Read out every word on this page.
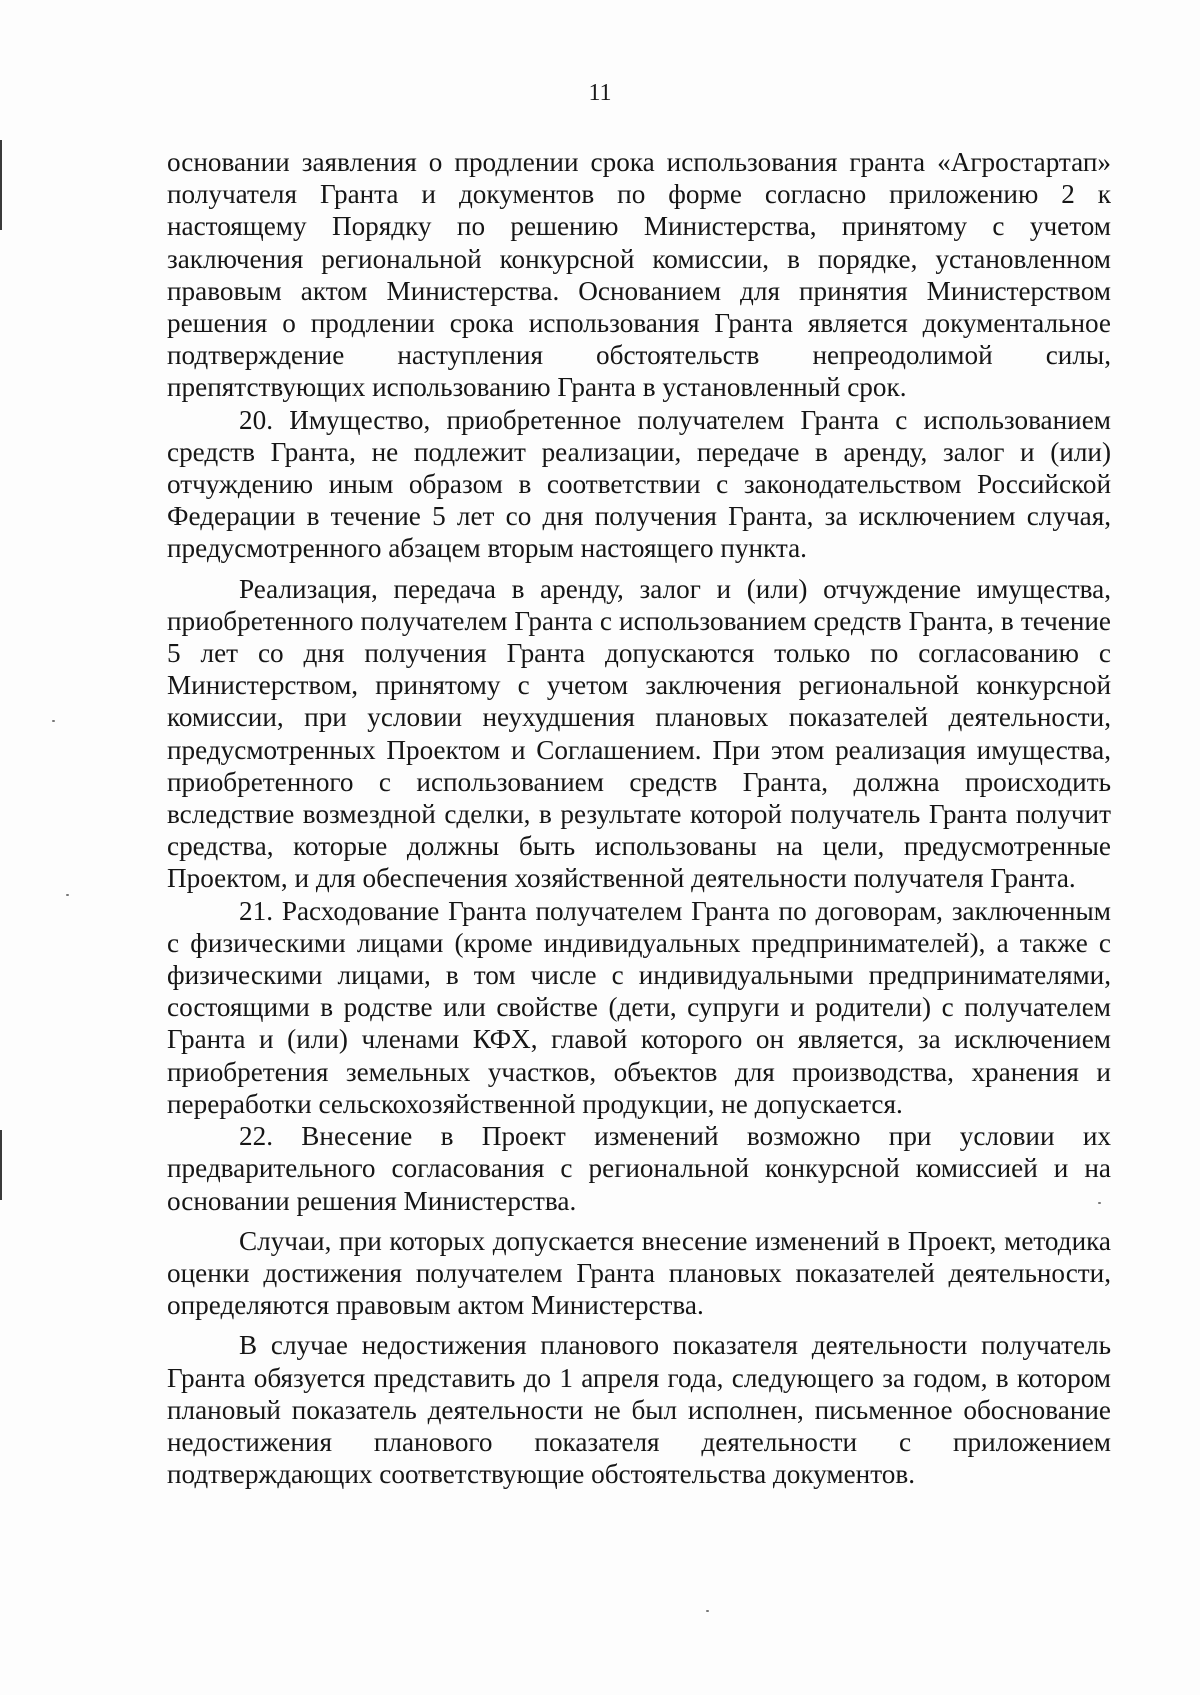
11

основании заявления о продлении срока использования гранта «Агростартап» получателя Гранта и документов по форме согласно приложению 2 к настоящему Порядку по решению Министерства, принятому с учетом заключения региональной конкурсной комиссии, в порядке, установленном правовым актом Министерства. Основанием для принятия Министерством решения о продлении срока использования Гранта является документальное подтверждение наступления обстоятельств непреодолимой силы, препятствующих использованию Гранта в установленный срок.

20. Имущество, приобретенное получателем Гранта с использованием средств Гранта, не подлежит реализации, передаче в аренду, залог и (или) отчуждению иным образом в соответствии с законодательством Российской Федерации в течение 5 лет со дня получения Гранта, за исключением случая, предусмотренного абзацем вторым настоящего пункта.

Реализация, передача в аренду, залог и (или) отчуждение имущества, приобретенного получателем Гранта с использованием средств Гранта, в течение 5 лет со дня получения Гранта допускаются только по согласованию с Министерством, принятому с учетом заключения региональной конкурсной комиссии, при условии неухудшения плановых показателей деятельности, предусмотренных Проектом и Соглашением. При этом реализация имущества, приобретенного с использованием средств Гранта, должна происходить вследствие возмездной сделки, в результате которой получатель Гранта получит средства, которые должны быть использованы на цели, предусмотренные Проектом, и для обеспечения хозяйственной деятельности получателя Гранта.

21. Расходование Гранта получателем Гранта по договорам, заключенным с физическими лицами (кроме индивидуальных предпринимателей), а также с физическими лицами, в том числе с индивидуальными предпринимателями, состоящими в родстве или свойстве (дети, супруги и родители) с получателем Гранта и (или) членами КФХ, главой которого он является, за исключением приобретения земельных участков, объектов для производства, хранения и переработки сельскохозяйственной продукции, не допускается.

22. Внесение в Проект изменений возможно при условии их предварительного согласования с региональной конкурсной комиссией и на основании решения Министерства.

Случаи, при которых допускается внесение изменений в Проект, методика оценки достижения получателем Гранта плановых показателей деятельности, определяются правовым актом Министерства.

В случае недостижения планового показателя деятельности получатель Гранта обязуется представить до 1 апреля года, следующего за годом, в котором плановый показатель деятельности не был исполнен, письменное обоснование недостижения планового показателя деятельности с приложением подтверждающих соответствующие обстоятельства документов.
